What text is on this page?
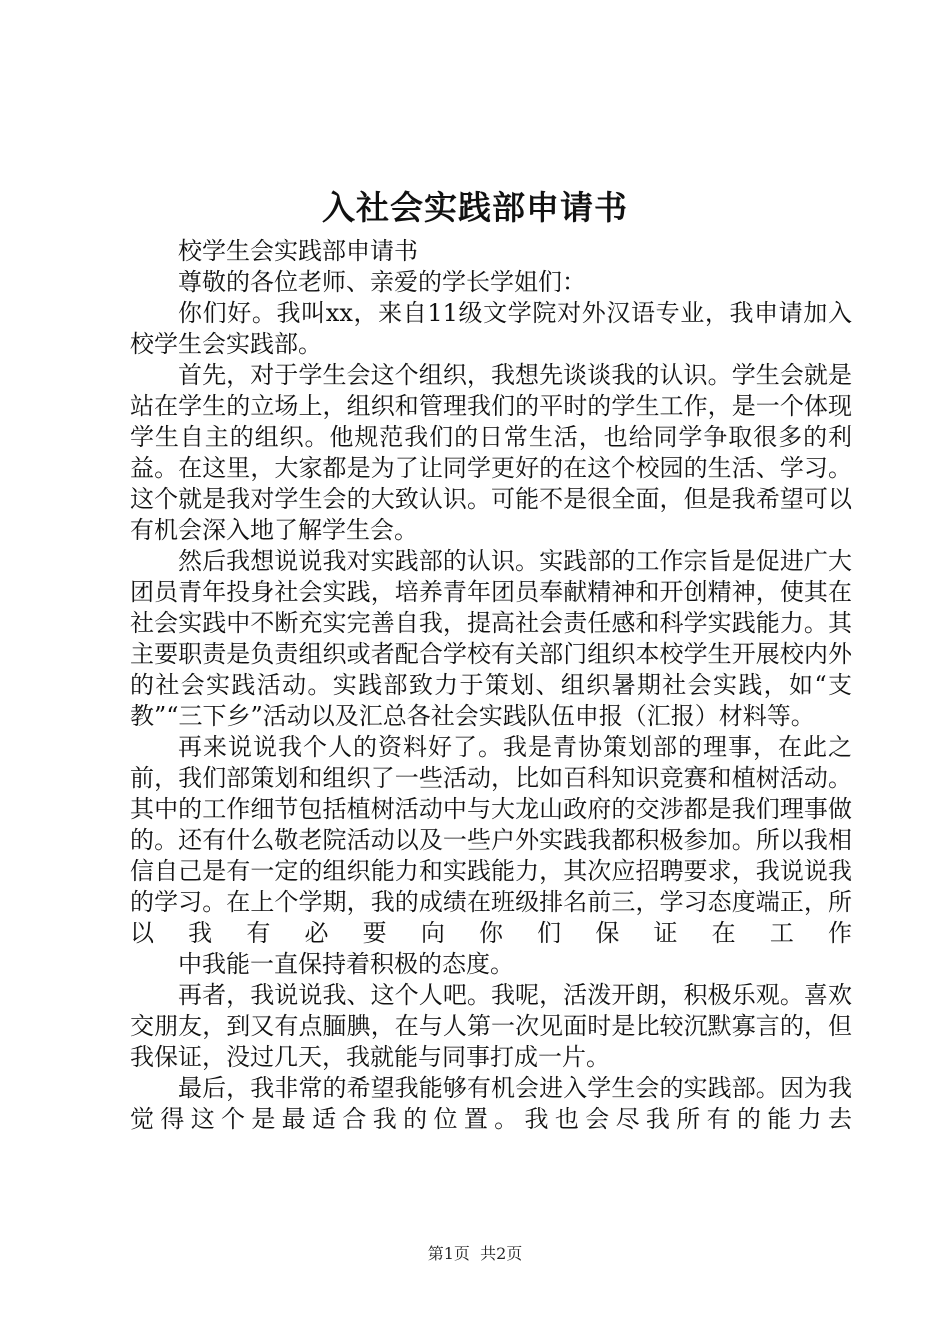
入社会实践部申请书

校学生会实践部申请书

尊敬的各位老师、亲爱的学长学姐们：

你们好。我叫xx，来自11级文学院对外汉语专业，我申请加入校学生会实践部。

首先，对于学生会这个组织，我想先谈谈我的认识。学生会就是站在学生的立场上，组织和管理我们的平时的学生工作，是一个体现学生自主的组织。他规范我们的日常生活，也给同学争取很多的利益。在这里，大家都是为了让同学更好的在这个校园的生活、学习。这个就是我对学生会的大致认识。可能不是很全面，但是我希望可以有机会深入地了解学生会。

然后我想说说我对实践部的认识。实践部的工作宗旨是促进广大团员青年投身社会实践，培养青年团员奉献精神和开创精神，使其在社会实践中不断充实完善自我，提高社会责任感和科学实践能力。其主要职责是负责组织或者配合学校有关部门组织本校学生开展校内外的社会实践活动。实践部致力于策划、组织暑期社会实践，如“支教”“三下乡”活动以及汇总各社会实践队伍申报（汇报）材料等。

再来说说我个人的资料好了。我是青协策划部的理事，在此之前，我们部策划和组织了一些活动，比如百科知识竞赛和植树活动。其中的工作细节包括植树活动中与大龙山政府的交涉都是我们理事做的。还有什么敬老院活动以及一些户外实践我都积极参加。所以我相信自己是有一定的组织能力和实践能力，其次应招聘要求，我说说我的学习。在上个学期，我的成绩在班级排名前三，学习态度端正，所以我有必要向你们保证在工作

中我能一直保持着积极的态度。

再者，我说说我、这个人吧。我呢，活泼开朗，积极乐观。喜欢交朋友，到又有点腼腆，在与人第一次见面时是比较沉默寡言的，但我保证，没过几天，我就能与同事打成一片。

最后，我非常的希望我能够有机会进入学生会的实践部。因为我觉得这个是最适合我的位置。我也会尽我所有的能力去

第1页 共2页
